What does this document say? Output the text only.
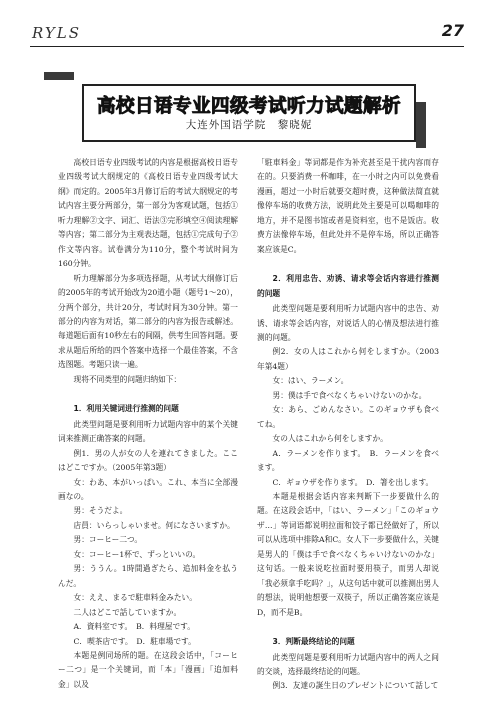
RYLS	27
高校日语专业四级考试听力试题解析
大连外国语学院　黎晓妮

高校日语专业四级考试的内容是根据高校日语专业四级考试大纲规定的《高校日语专业四级考试大纲》而定的。2005年3月修订后的考试大纲规定的考试内容主要分两部分，第一部分为客观试题，包括①听力理解②文字、词汇、语法③完形填空④阅读理解等内容；第二部分为主观表达题，包括①完成句子②作文等内容。试卷满分为110分，整个考试时间为160分钟。

听力理解部分为多项选择题，从考试大纲修订后的2005年的考试开始改为20道小题（题号1～20），分两个部分，共计20分，考试时间为30分钟。第一部分的内容为对话，第二部分的内容为报告或解述。每道题后面有10秒左右的间隔，供考生回答问题。要求从题后所给的四个答案中选择一个最佳答案，不含选图题。考题只读一遍。

现将不同类型的问题归纳如下：

1．利用关键词进行推测的问题

此类型问题是要利用听力试题内容中的某个关键词来推测正确答案的问题。

例1．男の人が女の人を連れてきました。ここはどこですか。（2005年第3题）

女：わあ、本がいっぱい。これ、本当に全部漫画なの。

男：そうだよ。

店員：いらっしゃいませ。何になさいますか。

男：コーヒー二つ。

女：コーヒー1杯で、ずっといいの。

男：ううん。1時間過ぎたら、追加料金を払うんだ。

女：ええ、まるで駐車料金みたい。

二人はどこで話していますか。

A．資料室です。　B．料理屋です。

C．喫茶店です。　D．駐車場です。

本题是例同场所的题。在这段会话中，「コーヒー二つ」是一个关键词，而「本」「漫画」「追加料金」以及

「駐車料金」等词都是作为补充甚至是干扰内容而存在的。只要消费一杯咖啡，在一小时之内可以免费看漫画，超过一小时后就要交超时费，这种做法简直就像停车场的收费方法，说明此处主要是可以喝咖啡的地方，并不是图书馆或者是资料室，也不是饭店。收费方法像停车场，但此处并不是停车场，所以正确答案应该是C。

2．利用忠告、劝诱、请求等会话内容进行推测的问题

此类型问题是要利用听力试题内容中的忠告、劝诱、请求等会话内容，对说话人的心情及想法进行推测的问题。

例2．女の人はこれから何をしますか。（2003年第4题）

女：はい、ラーメン。

男：僕は手で食べなくちゃいけないのかな。

女：あら、ごめんなさい。このギョウザも食べてね。

女の人はこれから何をしますか。

A．ラーメンを作ります。　B．ラーメンを食べます。

C．ギョウザを作ります。　D．箸を出します。

本题是根据会话内容来判断下一步要做什么的题。在这段会话中，「はい、ラーメン」「このギョウザ…」等词语都说明拉面和饺子都已经做好了，所以可以从选项中排除A和C。女人下一步要做什么，关键是男人的「僕は手で食べなくちゃいけないのかな」这句话。一般来说吃拉面时要用筷子，而男人却说「我必须拿手吃吗？」，从这句话中就可以推测出男人的想法，说明他想要一双筷子，所以正确答案应该是D，而不是B。

3．判断最终结论的问题

此类型问题是要利用听力试题内容中的两人之间的交谈，选择最终结论的问题。

例3．友達の誕生日のプレゼントについて話して
